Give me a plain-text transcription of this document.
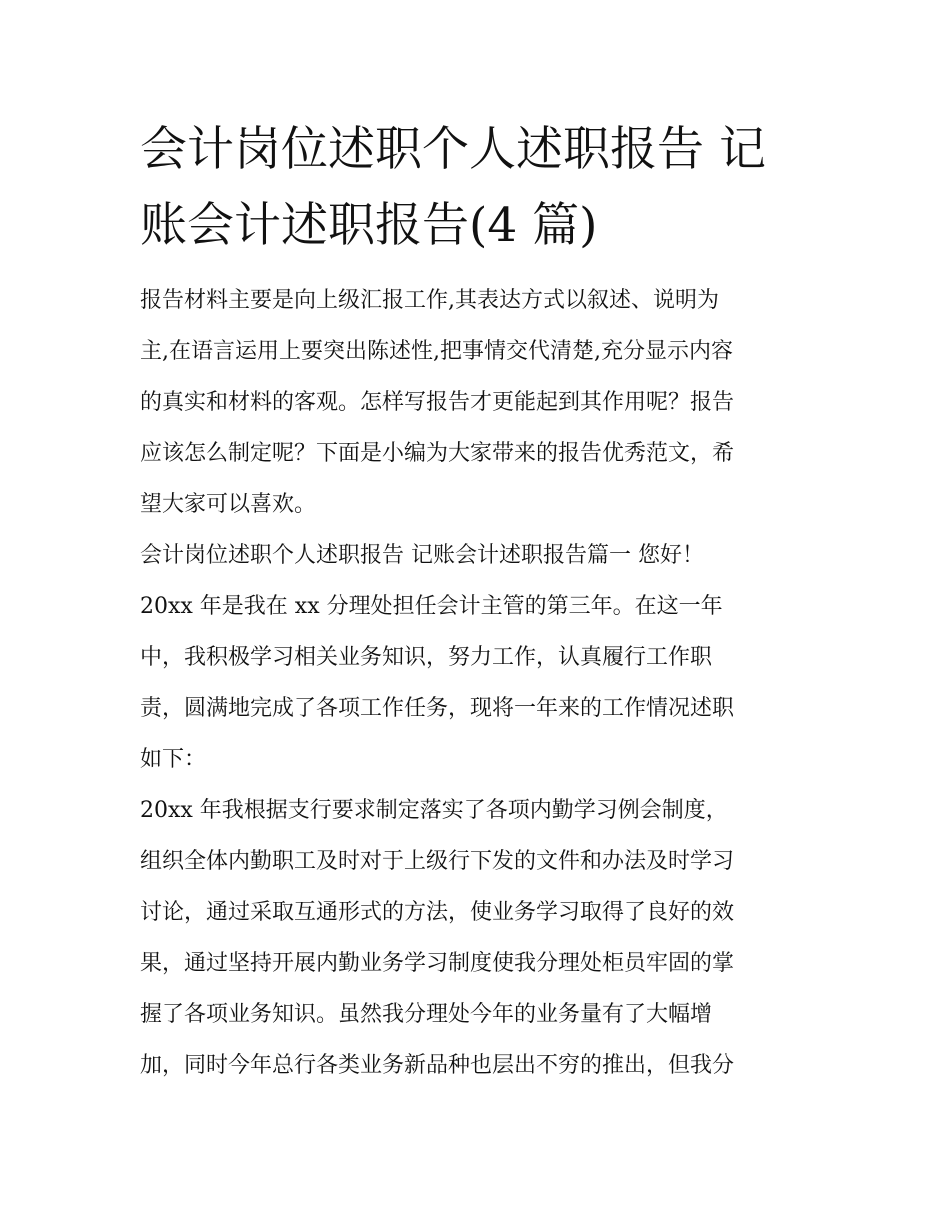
会计岗位述职个人述职报告 记
账会计述职报告(4 篇)
报告材料主要是向上级汇报工作,其表达方式以叙述、说明为
主,在语言运用上要突出陈述性,把事情交代清楚,充分显示内容
的真实和材料的客观。怎样写报告才更能起到其作用呢？报告
应该怎么制定呢？下面是小编为大家带来的报告优秀范文，希
望大家可以喜欢。
会计岗位述职个人述职报告 记账会计述职报告篇一 您好！
20xx 年是我在 xx 分理处担任会计主管的第三年。在这一年
中，我积极学习相关业务知识，努力工作，认真履行工作职
责，圆满地完成了各项工作任务，现将一年来的工作情况述职
如下：
20xx 年我根据支行要求制定落实了各项内勤学习例会制度，
组织全体内勤职工及时对于上级行下发的文件和办法及时学习
讨论，通过采取互通形式的方法，使业务学习取得了良好的效
果，通过坚持开展内勤业务学习制度使我分理处柜员牢固的掌
握了各项业务知识。虽然我分理处今年的业务量有了大幅增
加，同时今年总行各类业务新品种也层出不穷的推出，但我分
